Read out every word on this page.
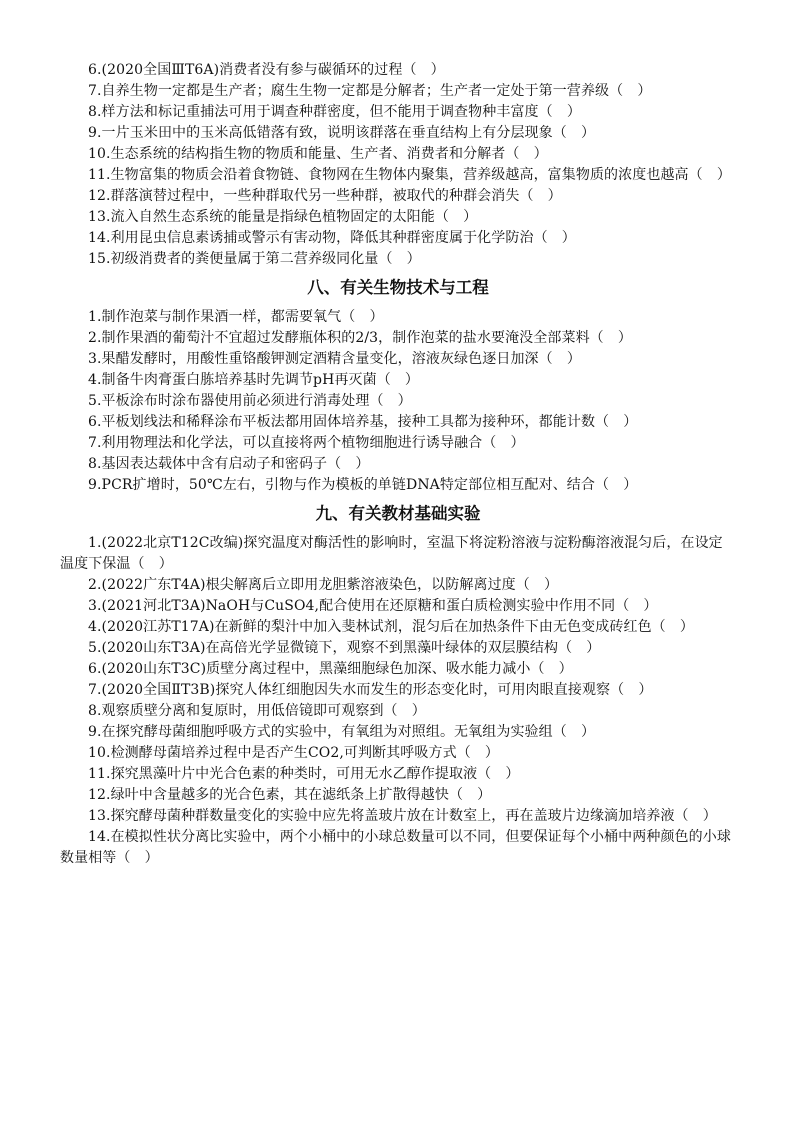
6.(2020全国ⅢT6A)消费者没有参与碳循环的过程（　）

7.自养生物一定都是生产者；腐生生物一定都是分解者；生产者一定处于第一营养级（　）

8.样方法和标记重捕法可用于调查种群密度，但不能用于调查物种丰富度（　）

9.一片玉米田中的玉米高低错落有致，说明该群落在垂直结构上有分层现象（　）

10.生态系统的结构指生物的物质和能量、生产者、消费者和分解者（　）

11.生物富集的物质会沿着食物链、食物网在生物体内聚集，营养级越高，富集物质的浓度也越高（　）

12.群落演替过程中，一些种群取代另一些种群，被取代的种群会消失（　）

13.流入自然生态系统的能量是指绿色植物固定的太阳能（　）

14.利用昆虫信息素诱捕或警示有害动物，降低其种群密度属于化学防治（　）

15.初级消费者的粪便量属于第二营养级同化量（　）

八、有关生物技术与工程

1.制作泡菜与制作果酒一样，都需要氧气（　）

2.制作果酒的葡萄汁不宜超过发酵瓶体积的2/3，制作泡菜的盐水要淹没全部菜料（　）

3.果醋发酵时，用酸性重铬酸钾测定酒精含量变化，溶液灰绿色逐日加深（　）

4.制备牛肉膏蛋白胨培养基时先调节pH再灭菌（　）

5.平板涂布时涂布器使用前必须进行消毒处理（　）

6.平板划线法和稀释涂布平板法都用固体培养基，接种工具都为接种环，都能计数（　）

7.利用物理法和化学法，可以直接将两个植物细胞进行诱导融合（　）

8.基因表达载体中含有启动子和密码子（　）

9.PCR扩增时，50℃左右，引物与作为模板的单链DNA特定部位相互配对、结合（　）

九、有关教材基础实验

1.(2022北京T12C改编)探究温度对酶活性的影响时，室温下将淀粉溶液与淀粉酶溶液混匀后，在设定温度下保温（　）

2.(2022广东T4A)根尖解离后立即用龙胆紫溶液染色，以防解离过度（　）

3.(2021河北T3A)NaOH与CuSO4,配合使用在还原糖和蛋白质检测实验中作用不同（　）

4.(2020江苏T17A)在新鲜的梨汁中加入斐林试剂，混匀后在加热条件下由无色变成砖红色（　）

5.(2020山东T3A)在高倍光学显微镜下，观察不到黑藻叶绿体的双层膜结构（　）

6.(2020山东T3C)质壁分离过程中，黑藻细胞绿色加深、吸水能力减小（　）

7.(2020全国ⅡT3B)探究人体红细胞因失水而发生的形态变化时，可用肉眼直接观察（　）

8.观察质壁分离和复原时，用低倍镜即可观察到（　）

9.在探究酵母菌细胞呼吸方式的实验中，有氧组为对照组。无氧组为实验组（　）

10.检测酵母菌培养过程中是否产生CO2,可判断其呼吸方式（　）

11.探究黑藻叶片中光合色素的种类时，可用无水乙醇作提取液（　）

12.绿叶中含量越多的光合色素，其在滤纸条上扩散得越快（　）

13.探究酵母菌种群数量变化的实验中应先将盖玻片放在计数室上，再在盖玻片边缘滴加培养液（　）

14.在模拟性状分离比实验中，两个小桶中的小球总数量可以不同，但要保证每个小桶中两种颜色的小球数量相等（　）
